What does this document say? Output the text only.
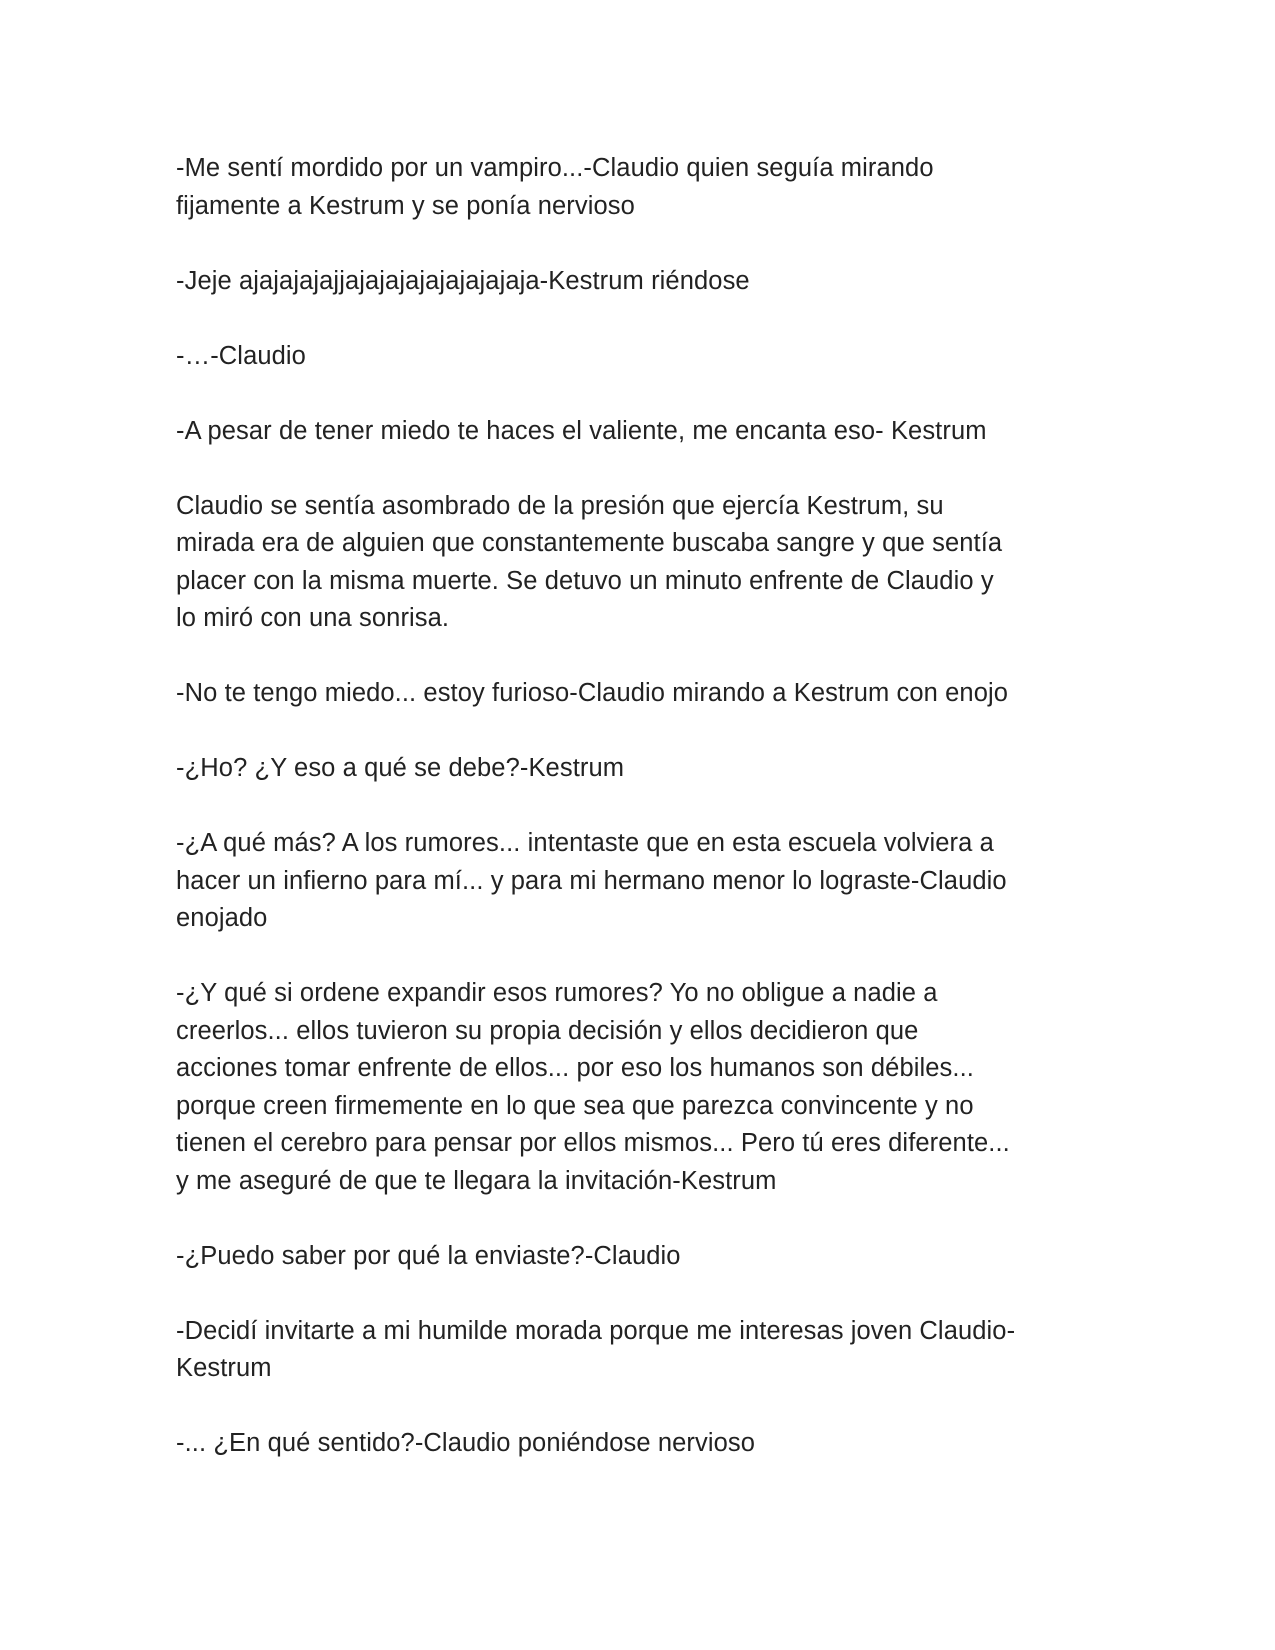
-Me sentí mordido por un vampiro...-Claudio quien seguía mirando
fijamente a Kestrum y se ponía nervioso

-Jeje ajajajajajjajajajajajajajajaja-Kestrum riéndose

-…-Claudio

-A pesar de tener miedo te haces el valiente, me encanta eso- Kestrum

Claudio se sentía asombrado de la presión que ejercía Kestrum, su
mirada era de alguien que constantemente buscaba sangre y que sentía
placer con la misma muerte. Se detuvo un minuto enfrente de Claudio y
lo miró con una sonrisa.

-No te tengo miedo... estoy furioso-Claudio mirando a Kestrum con enojo

-¿Ho? ¿Y eso a qué se debe?-Kestrum

-¿A qué más? A los rumores... intentaste que en esta escuela volviera a
hacer un infierno para mí... y para mi hermano menor lo lograste-Claudio
enojado

-¿Y qué si ordene expandir esos rumores? Yo no obligue a nadie a
creerlos... ellos tuvieron su propia decisión y ellos decidieron que
acciones tomar enfrente de ellos... por eso los humanos son débiles...
porque creen firmemente en lo que sea que parezca convincente y no
tienen el cerebro para pensar por ellos mismos... Pero tú eres diferente...
y me aseguré de que te llegara la invitación-Kestrum

-¿Puedo saber por qué la enviaste?-Claudio

-Decidí invitarte a mi humilde morada porque me interesas joven Claudio-
Kestrum

-... ¿En qué sentido?-Claudio poniéndose nervioso
